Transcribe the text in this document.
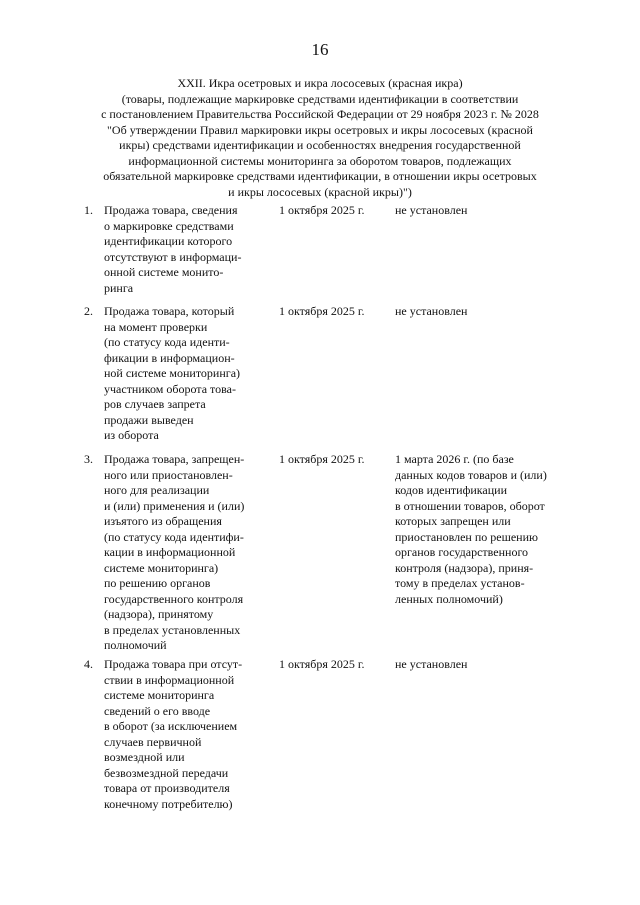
16
XXII. Икра осетровых и икра лососевых (красная икра)
(товары, подлежащие маркировке средствами идентификации в соответствии
с постановлением Правительства Российской Федерации от 29 ноября 2023 г. № 2028
"Об утверждении Правил маркировки икры осетровых и икры лососевых (красной
икры) средствами идентификации и особенностях внедрения государственной
информационной системы мониторинга за оборотом товаров, подлежащих
обязательной маркировке средствами идентификации, в отношении икры осетровых
и икры лососевых (красной икры)")
1. Продажа товара, сведения
о маркировке средствами
идентификации которого
отсутствуют в информаци-
онной системе монито-
ринга
1 октября 2025 г.	не установлен
2. Продажа товара, который
на момент проверки
(по статусу кода иденти-
фикации в информацион-
ной системе мониторинга)
участником оборота това-
ров случаев запрета
продажи выведен
из оборота
1 октября 2025 г.	не установлен
3. Продажа товара, запрещен-
ного или приостановлен-
ного для реализации
и (или) применения и (или)
изъятого из обращения
(по статусу кода идентифи-
кации в информационной
системе мониторинга)
по решению органов
государственного контроля
(надзора), принятому
в пределах установленных
полномочий
1 октября 2025 г.	1 марта 2026 г. (по базе
данных кодов товаров и (или)
кодов идентификации
в отношении товаров, оборот
которых запрещен или
приостановлен по решению
органов государственного
контроля (надзора), приня-
тому в пределах установ-
ленных полномочий)
4. Продажа товара при отсут-
ствии в информационной
системе мониторинга
сведений о его вводе
в оборот (за исключением
случаев первичной
возмездной или
безвозмездной передачи
товара от производителя
конечному потребителю)
1 октября 2025 г.	не установлен
